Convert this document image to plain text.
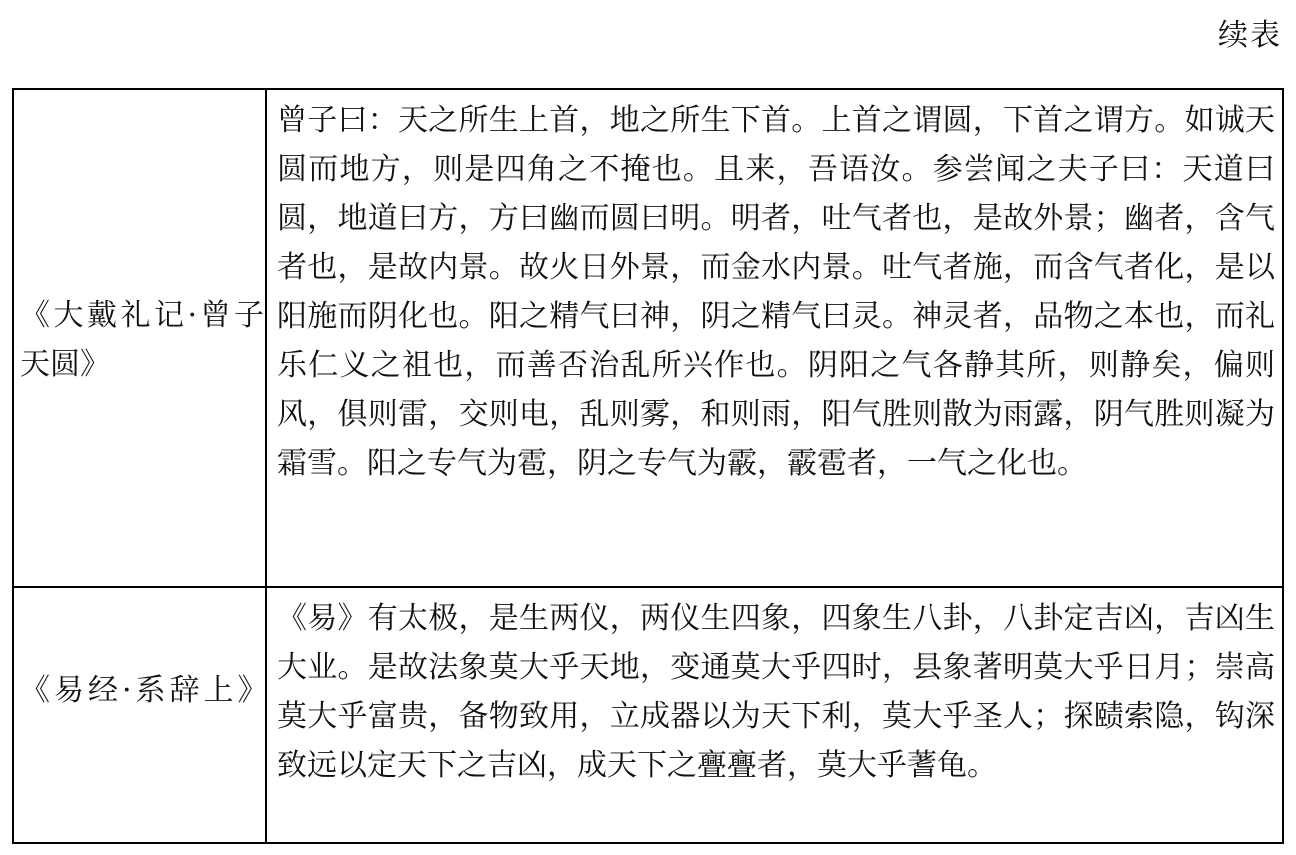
续表
《大戴礼记·曾子天圆》
曾子曰：天之所生上首，地之所生下首。上首之谓圆，下首之谓方。如诚天圆而地方，则是四角之不掩也。且来，吾语汝。参尝闻之夫子曰：天道曰圆，地道曰方，方曰幽而圆曰明。明者，吐气者也，是故外景；幽者，含气者也，是故内景。故火日外景，而金水内景。吐气者施，而含气者化，是以阳施而阴化也。阳之精气曰神，阴之精气曰灵。神灵者，品物之本也，而礼乐仁义之祖也，而善否治乱所兴作也。阴阳之气各静其所，则静矣，偏则风，俱则雷，交则电，乱则雾，和则雨，阳气胜则散为雨露，阴气胜则凝为霜雪。阳之专气为雹，阴之专气为霰，霰雹者，一气之化也。
《易经·系辞上》
《易》有太极，是生两仪，两仪生四象，四象生八卦，八卦定吉凶，吉凶生大业。是故法象莫大乎天地，变通莫大乎四时，县象著明莫大乎日月；崇高莫大乎富贵，备物致用，立成器以为天下利，莫大乎圣人；探赜索隐，钩深致远以定天下之吉凶，成天下之亹亹者，莫大乎蓍龟。
